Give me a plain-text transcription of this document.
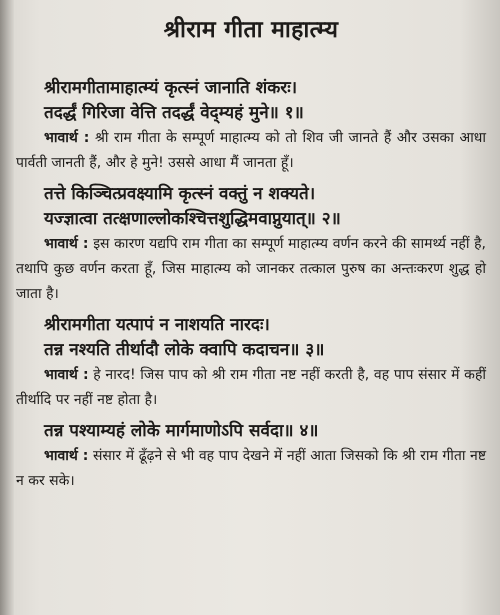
श्रीराम गीता माहात्म्य
श्रीरामगीतामाहात्म्यं कृत्स्नं जानाति शंकरः।
तदर्द्धं गिरिजा वेत्ति तदर्द्धं वेद्म्यहं मुने॥ १॥

भावार्थ : श्री राम गीता के सम्पूर्ण माहात्म्य को तो शिव जी जानते हैं और उसका आधा पार्वती जानती हैं, और हे मुने! उससे आधा मैं जानता हूँ।

तत्ते किञ्चित्प्रवक्ष्यामि कृत्स्नं वक्तुं न शक्यते।
यज्ज्ञात्वा तत्क्षणाल्लोकश्चित्तशुद्धिमवाप्नुयात्॥ २॥

भावार्थ : इस कारण यद्यपि राम गीता का सम्पूर्ण माहात्म्य वर्णन करने की सामर्थ्य नहीं है, तथापि कुछ वर्णन करता हूँ, जिस माहात्म्य को जानकर तत्काल पुरुष का अन्तःकरण शुद्ध हो जाता है।

श्रीरामगीता यत्पापं न नाशयति नारदः।
तन्न नश्यति तीर्थादौ लोके क्वापि कदाचन॥ ३॥

भावार्थ : हे नारद! जिस पाप को श्री राम गीता नष्ट नहीं करती है, वह पाप संसार में कहीं तीर्थादि पर नहीं नष्ट होता है।

तन्न पश्याम्यहं लोके मार्गमाणोऽपि सर्वदा॥ ४॥

भावार्थ : संसार में ढूँढ़ने से भी वह पाप देखने में नहीं आता जिसको कि श्री राम गीता नष्ट न कर सके।
